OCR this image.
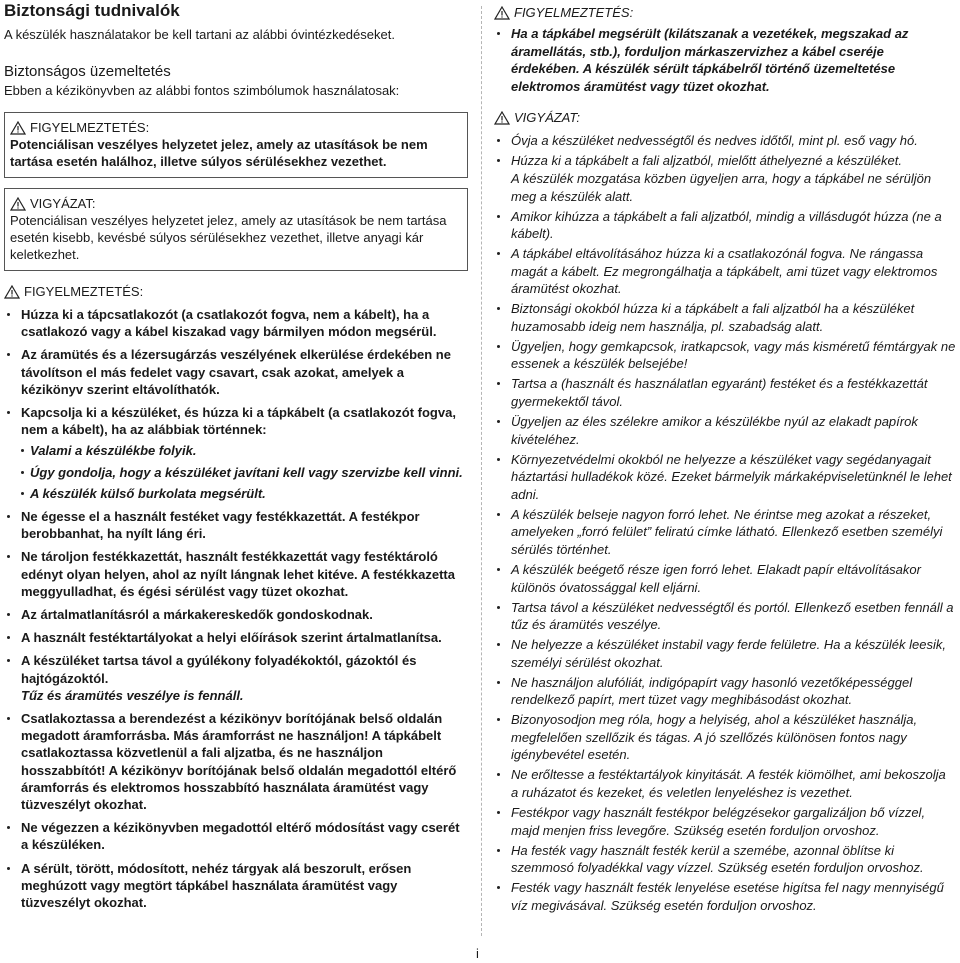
Biztonsági tudnivalók
A készülék használatakor be kell tartani az alábbi óvintézkedéseket.
Biztonságos üzemeltetés
Ebben a kézikönyvben az alábbi fontos szimbólumok használatosak:
FIGYELMEZTETÉS:
Potenciálisan veszélyes helyzetet jelez, amely az utasítások be nem tartása esetén halálhoz, illetve súlyos sérülésekhez vezethet.
VIGYÁZAT:
Potenciálisan veszélyes helyzetet jelez, amely az utasítások be nem tartása esetén kisebb, kevésbé súlyos sérülésekhez vezethet, illetve anyagi kár keletkezhet.
FIGYELMEZTETÉS:
Húzza ki a tápcsatlakozót (a csatlakozót fogva, nem a kábelt), ha a csatlakozó vagy a kábel kiszakad vagy bármilyen módon megsérül.
Az áramütés és a lézersugárzás veszélyének elkerülése érdekében ne távolítson el más fedelet vagy csavart, csak azokat, amelyek a kézikönyv szerint eltávolíthatók.
Kapcsolja ki a készüléket, és húzza ki a tápkábelt (a csatlakozót fogva, nem a kábelt), ha az alábbiak történnek:
Valami a készülékbe folyik.
Úgy gondolja, hogy a készüléket javítani kell vagy szervizbe kell vinni.
A készülék külső burkolata megsérült.
Ne égesse el a használt festéket vagy festékkazettát. A festékpor berobbanhat, ha nyílt láng éri.
Ne tároljon festékkazettát, használt festékkazettát vagy festéktároló edényt olyan helyen, ahol az nyílt lángnak lehet kitéve. A festékkazetta meggyulladhat, és égési sérülést vagy tüzet okozhat.
Az ártalmatlanításról a márkakereskedők gondoskodnak.
A használt festéktartályokat a helyi előírások szerint ártalmatlanítsa.
A készüléket tartsa távol a gyúlékony folyadékoktól, gázoktól és hajtógázoktól.
Tűz és áramütés veszélye is fennáll.
Csatlakoztassa a berendezést a kézikönyv borítójának belső oldalán megadott áramforrásba. Más áramforrást ne használjon! A tápkábelt csatlakoztassa közvetlenül a fali aljzatba, és ne használjon hosszabbítót! A kézikönyv borítójának belső oldalán megadottól eltérő áramforrás és elektromos hosszabbító használata áramütést vagy tüzveszélyt okozhat.
Ne végezzen a kézikönyvben megadottól eltérő módosítást vagy cserét a készüléken.
A sérült, törött, módosított, nehéz tárgyak alá beszorult, erősen meghúzott vagy megtört tápkábel használata áramütést vagy tüzveszélyt okozhat.
FIGYELMEZTETÉS:
Ha a tápkábel megsérült (kilátszanak a vezetékek, megszakad az áramellátás, stb.), forduljon márkaszervizhez a kábel cseréje érdekében. A készülék sérült tápkábelről történő üzemeltetése elektromos áramütést vagy tüzet okozhat.
VIGYÁZAT:
Óvja a készüléket nedvességtől és nedves időtől, mint pl. eső vagy hó.
Húzza ki a tápkábelt a fali aljzatból, mielőtt áthelyezné a készüléket.
A készülék mozgatása közben ügyeljen arra, hogy a tápkábel ne sérüljön meg a készülék alatt.
Amikor kihúzza a tápkábelt a fali aljzatból, mindig a villásdugót húzza (ne a kábelt).
A tápkábel eltávolításához húzza ki a csatlakozónál fogva. Ne rángassa magát a kábelt. Ez megrongálhatja a tápkábelt, ami tüzet vagy elektromos áramütést okozhat.
Biztonsági okokból húzza ki a tápkábelt a fali aljzatból ha a készüléket huzamosabb ideig nem használja, pl. szabadság alatt.
Ügyeljen, hogy gemkapcsok, iratkapcsok, vagy más kisméretű fémtárgyak ne essenek a készülék belsejébe!
Tartsa a (használt és használatlan egyaránt) festéket és a festékkazettát gyermekektől távol.
Ügyeljen az éles szélekre amikor a készülékbe nyúl az elakadt papírok kivételéhez.
Környezetvédelmi okokból ne helyezze a készüléket vagy segédanyagait háztartási hulladékok közé. Ezeket bármelyik márkaképviseletünknél le lehet adni.
A készülék belseje nagyon forró lehet. Ne érintse meg azokat a részeket, amelyeken „forró felület” feliratú címke látható. Ellenkező esetben személyi sérülés történhet.
A készülék beégető része igen forró lehet. Elakadt papír eltávolításakor különös óvatossággal kell eljárni.
Tartsa távol a készüléket nedvességtől és portól. Ellenkező esetben fennáll a tűz és áramütés veszélye.
Ne helyezze a készüléket instabil vagy ferde felületre. Ha a készülék leesik, személyi sérülést okozhat.
Ne használjon alufóliát, indigópapírt vagy hasonló vezetőképességgel rendelkező papírt, mert tüzet vagy meghibásodást okozhat.
Bizonyosodjon meg róla, hogy a helyiség, ahol a készüléket használja, megfelelően szellőzik és tágas. A jó szellőzés különösen fontos nagy igénybevétel esetén.
Ne erőltesse a festéktartályok kinyitását. A festék kiömölhet, ami bekoszolja a ruházatot és kezeket, és veletlen lenyeléshez is vezethet.
Festékpor vagy használt festékpor belégzésekor gargalizáljon bő vízzel, majd menjen friss levegőre. Szükség esetén forduljon orvoshoz.
Ha festék vagy használt festék kerül a szemébe, azonnal öblítse ki szemmosó folyadékkal vagy vízzel. Szükség esetén forduljon orvoshoz.
Festék vagy használt festék lenyelése esetése higítsa fel nagy mennyiségű víz megivásával. Szükség esetén forduljon orvoshoz.
i
